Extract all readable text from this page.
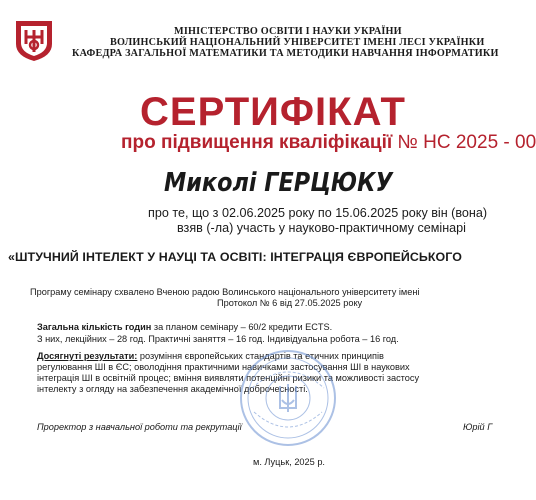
МІНІСТЕРСТВО ОСВІТИ І НАУКИ УКРАЇНИ
ВОЛИНСЬКИЙ НАЦІОНАЛЬНИЙ УНІВЕРСИТЕТ ІМЕНІ ЛЕСІ УКРАЇНКИ
КАФЕДРА ЗАГАЛЬНОЇ МАТЕМАТИКИ ТА МЕТОДИКИ НАВЧАННЯ ІНФОРМАТИКИ
СЕРТИФІКАТ
про підвищення кваліфікації № НС 2025 - 00
Миколі ГЕРЦЮКУ
про те, що з 02.06.2025 року по 15.06.2025 року він (вона)
взяв (-ла) участь у науково-практичному семінарі
«ШТУЧНИЙ ІНТЕЛЕКТ У НАУЦІ ТА ОСВІТІ: ІНТЕГРАЦІЯ ЄВРОПЕЙСЬКОГО
Програму семінару схвалено Вченою радою Волинського національного університету імені
Протокол № 6 від 27.05.2025 року
Загальна кількість годин за планом семінару – 60/2 кредити ECTS.
З них, лекційних – 28 год. Практичні заняття – 16 год. Індивідуальна робота – 16 год.
Досягнуті результати: розуміння європейських стандартів та етичних принципів
регулювання ШІ в ЄС; оволодіння практичними навичками застосування ШІ в наукових
інтеграція ШІ в освітній процес; вміння виявляти потенційні ризики та можливості застосу
інтелекту з огляду на забезпечення академічної доброчесності.
Проректор з навчальної роботи та рекрутації	Юрій Г
м. Луцьк, 2025 р.
